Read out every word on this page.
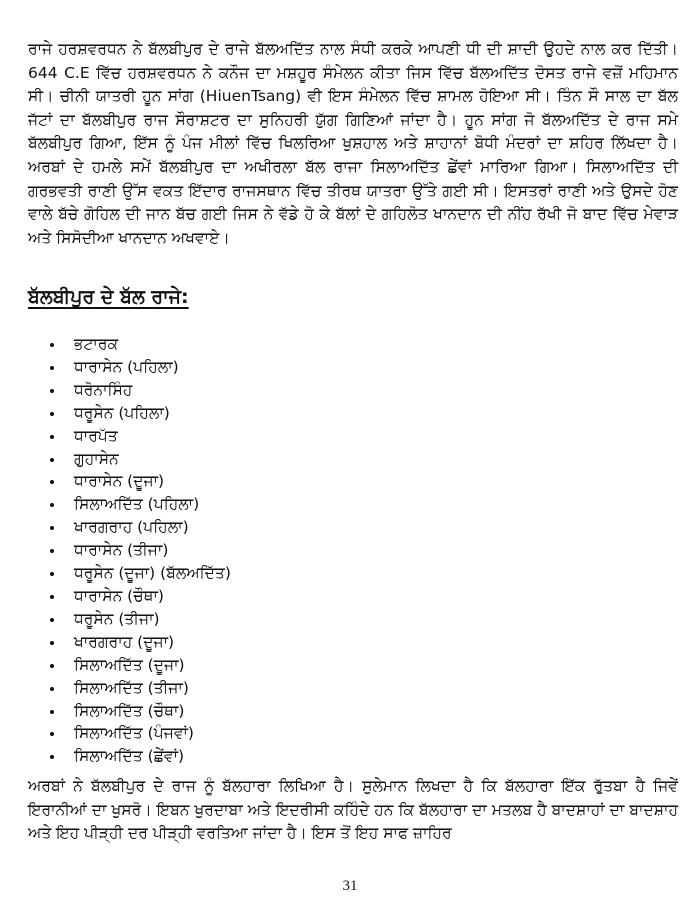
ਰਾਜੇ ਹਰਸ਼ਵਰਧਨ ਨੇ ਬੱਲਬੀਪੁਰ ਦੇ ਰਾਜੇ ਬੱਲਅਦਿੱਤ ਨਾਲ ਸੰਧੀ ਕਰਕੇ ਆਪਣੀ ਧੀ ਦੀ ਸ਼ਾਦੀ ਉਹਦੇ ਨਾਲ ਕਰ ਦਿੱਤੀ। 644 C.E ਵਿੱਚ ਹਰਸ਼ਵਰਧਨ ਨੇ ਕਨੌਜ ਦਾ ਮਸ਼ਹੂਰ ਸੰਮੇਲਨ ਕੀਤਾ ਜਿਸ ਵਿੱਚ ਬੱਲਅਦਿੱਤ ਦੋਸਤ ਰਾਜੇ ਵਜ਼ੋਂ ਮਹਿਮਾਨ ਸੀ। ਚੀਨੀ ਯਾਤਰੀ ਹੂਨ ਸਾਂਗ (HiuenTsang) ਵੀ ਇਸ ਸੰਮੇਲਨ ਵਿੱਚ ਸ਼ਾਮਲ ਹੋਇਆ ਸੀ। ਤਿੰਨ ਸੌ ਸਾਲ ਦਾ ਬੱਲ ਜੱਟਾਂ ਦਾ ਬੱਲਬੀਪੁਰ ਰਾਜ ਸੌਰਾਸ਼ਟਰ ਦਾ ਸੁਨਿਹਰੀ ਯੁੱਗ ਗਿਣਿਆਂ ਜਾਂਦਾ ਹੈ। ਹੂਨ ਸਾਂਗ ਜੋ ਬੱਲਅਦਿੱਤ ਦੇ ਰਾਜ ਸਮੇ ਬੱਲਬੀਪੁਰ ਗਿਆ, ਇੱਸ ਨੂੰ ਪੰਜ ਮੀਲਾਂ ਵਿੱਚ ਖਿਲਰਿਆ ਖੁਸ਼ਹਾਲ ਅਤੇ ਸ਼ਾਹਾਨਾਂ ਬੋਧੀ ਮੰਦਰਾਂ ਦਾ ਸ਼ਹਿਰ ਲਿੱਖਦਾ ਹੈ। ਅਰਬਾਂ ਦੇ ਹਮਲੇ ਸਮੇਂ ਬੱਲਬੀਪੁਰ ਦਾ ਅਖੀਰਲਾ ਬੱਲ ਰਾਜਾ ਸਿਲਾਅਦਿੱਤ ਛੇਂਵਾਂ ਮਾਰਿਆ ਗਿਆ। ਸਿਲਾਅਦਿੱਤ ਦੀ ਗਰਭਵਤੀ ਰਾਣੀ ਉੱਸ ਵਕਤ ਇੱਦਾਰ ਰਾਜਸਥਾਨ ਵਿੱਚ ਤੀਰਥ ਯਾਤਰਾ ਉੱਤੇ ਗਈ ਸੀ। ਇਸਤਰਾਂ ਰਾਣੀ ਅਤੇ ਉਸਦੇ ਹੋਣ ਵਾਲੇ ਬੱਚੇ ਗੋਹਿਲ ਦੀ ਜਾਨ ਬੱਚ ਗਈ ਜਿਸ ਨੇ ਵੱਡੇ ਹੋ ਕੇ ਬੱਲਾਂ ਦੇ ਗਹਿਲੋਤ ਖਾਨਦਾਨ ਦੀ ਨੀਂਹ ਰੱਖੀ ਜੋ ਬਾਦ ਵਿੱਚ ਮੇਵਾੜ ਅਤੇ ਸਿਸੋਦੀਆ ਖਾਨਦਾਨ ਅਖਵਾਏ।

ਬੱਲਬੀਪੁਰ ਦੇ ਬੱਲ ਰਾਜੇ:
ਭਟਾਰਕ
ਧਾਰਾਸੇਨ (ਪਹਿਲਾ)
ਧਰੋਨਾਸਿੰਹ
ਧਰੂਸੇਨ (ਪਹਿਲਾ)
ਧਾਰਪੱਤ
ਗੁਹਾਸੇਨ
ਧਾਰਾਸੇਨ (ਦੂਜਾ)
ਸਿਲਾਅਦਿੱਤ (ਪਹਿਲਾ)
ਖਾਰਗਰਾਹ (ਪਹਿਲਾ)
ਧਾਰਾਸੇਨ (ਤੀਜਾ)
ਧਰੂਸੇਨ (ਦੂਜਾ) (ਬੱਲਅਦਿੱਤ)
ਧਾਰਾਸੇਨ (ਚੌਥਾ)
ਧਰੂਸੇਨ (ਤੀਜਾ)
ਖਾਰਗਰਾਹ (ਦੂਜਾ)
ਸਿਲਾਅਦਿੱਤ (ਦੂਜਾ)
ਸਿਲਾਅਦਿੱਤ (ਤੀਜਾ)
ਸਿਲਾਅਦਿੱਤ (ਚੌਥਾ)
ਸਿਲਾਅਦਿੱਤ (ਪੰਜਵਾਂ)
ਸਿਲਾਅਦਿੱਤ (ਛੇਂਵਾਂ)

ਅਰਬਾਂ ਨੇ ਬੱਲਬੀਪੁਰ ਦੇ ਰਾਜ ਨੂੰ ਬੱਲਹਾਰਾ ਲਿਖਿਆ ਹੈ। ਸੁਲੇਮਾਨ ਲਿਖਦਾ ਹੈ ਕਿ ਬੱਲਹਾਰਾ ਇੱਕ ਰੁੱਤਬਾ ਹੈ ਜਿਵੇਂ ਇਰਾਨੀਆਂ ਦਾ ਖੁਸਰੋ। ਇਬਨ ਖੁਰਦਾਬਾ ਅਤੇ ਇਦਰੀਸੀ ਕਹਿੰਦੇ ਹਨ ਕਿ ਬੱਲਹਾਰਾ ਦਾ ਮਤਲਬ ਹੈ ਬਾਦਸ਼ਾਹਾਂ ਦਾ ਬਾਦਸ਼ਾਹ ਅਤੇ ਇਹ ਪੀੜ੍ਹੀ ਦਰ ਪੀੜ੍ਹੀ ਵਰਤਿਆ ਜਾਂਦਾ ਹੈ। ਇਸ ਤੋਂ ਇਹ ਸਾਫ ਜ਼ਾਹਿਰ

31
